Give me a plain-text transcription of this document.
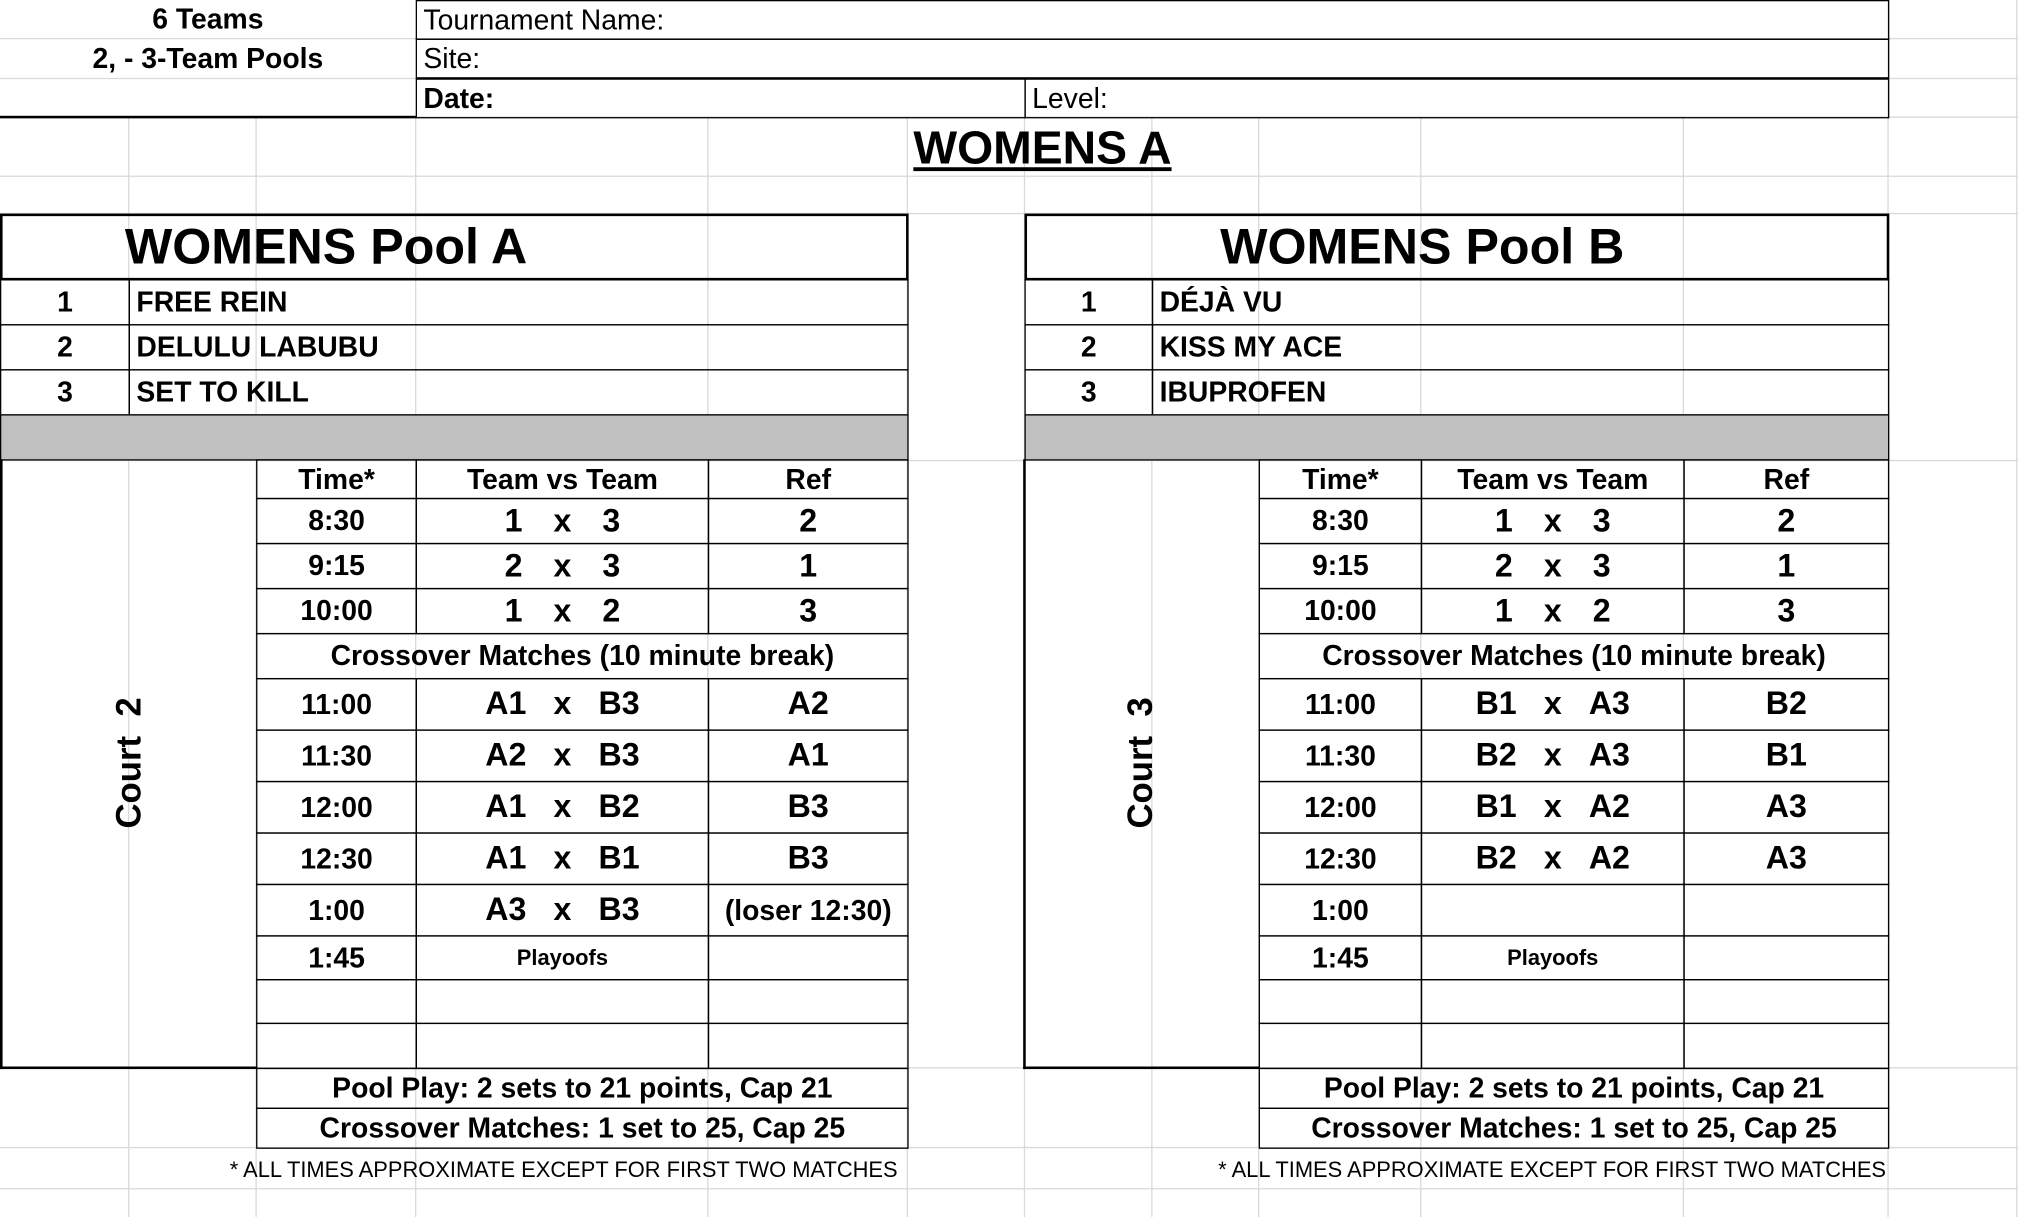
6 Teams
2, - 3-Team Pools
Tournament Name:
Site:
Date:	Level:
WOMENS A
WOMENS Pool A
1	FREE REIN
2	DELULU LABUBU
3	SET TO KILL
Court  2
Time*	Team vs Team	Ref
8:30	1	x	3	2
9:15	2	x	3	1
10:00	1	x	2	3
Crossover Matches (10 minute break)
11:00	A1	x	B3	A2
11:30	A2	x	B3	A1
12:00	A1	x	B2	B3
12:30	A1	x	B1	B3
1:00	A3	x	B3	(loser 12:30)
1:45	Playoofs
Pool Play: 2 sets to 21 points, Cap 21
Crossover Matches: 1 set to 25, Cap 25
* ALL TIMES APPROXIMATE EXCEPT FOR FIRST TWO MATCHES
WOMENS Pool B
1	DÉJÀ VU
2	KISS MY ACE
3	IBUPROFEN
Court  3
Time*	Team vs Team	Ref
8:30	1	x	3	2
9:15	2	x	3	1
10:00	1	x	2	3
Crossover Matches (10 minute break)
11:00	B1	x	A3	B2
11:30	B2	x	A3	B1
12:00	B1	x	A2	A3
12:30	B2	x	A2	A3
1:00
1:45	Playoofs
Pool Play: 2 sets to 21 points, Cap 21
Crossover Matches: 1 set to 25, Cap 25
* ALL TIMES APPROXIMATE EXCEPT FOR FIRST TWO MATCHES
